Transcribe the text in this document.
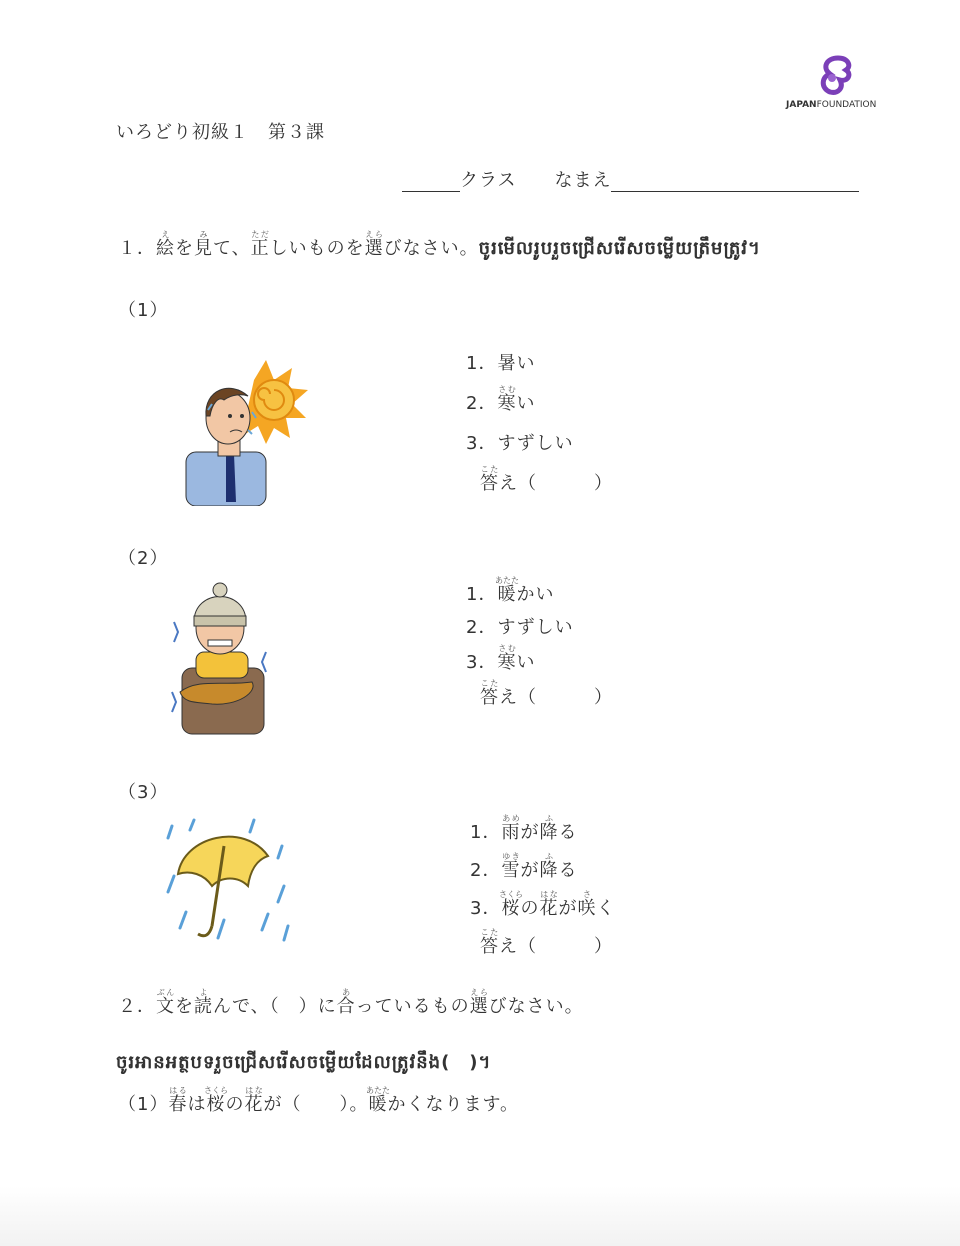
JAPANFOUNDATION
いろどり初級１　第３課
クラス なまえ
１．絵えを見みて、正ただしいものを選えらびなさい。ចូរមើលរូបរួចជ្រើសរើសចម្លើយត្រឹមត្រូវ។
（1）
1．暑い
2．寒さむい
3．すずしい
答こたえ（　　　）
（2）
1．暖あたたかい
2．すずしい
3．寒さむい
答こたえ（　　　）
（3）
1．雨あめが降ふる
2．雪ゆきが降ふる
3．桜さくらの花はなが咲さく
答こたえ（　　　）
２．文ぶんを読よんで、（　）に合あっているもの選えらびなさい。
ចូរអានអត្ថបទរួចជ្រើសរើសចម្លើយដែលត្រូវនឹង(　)។
（1）春はるは桜さくらの花はなが（　　）。暖あたたかくなります。
